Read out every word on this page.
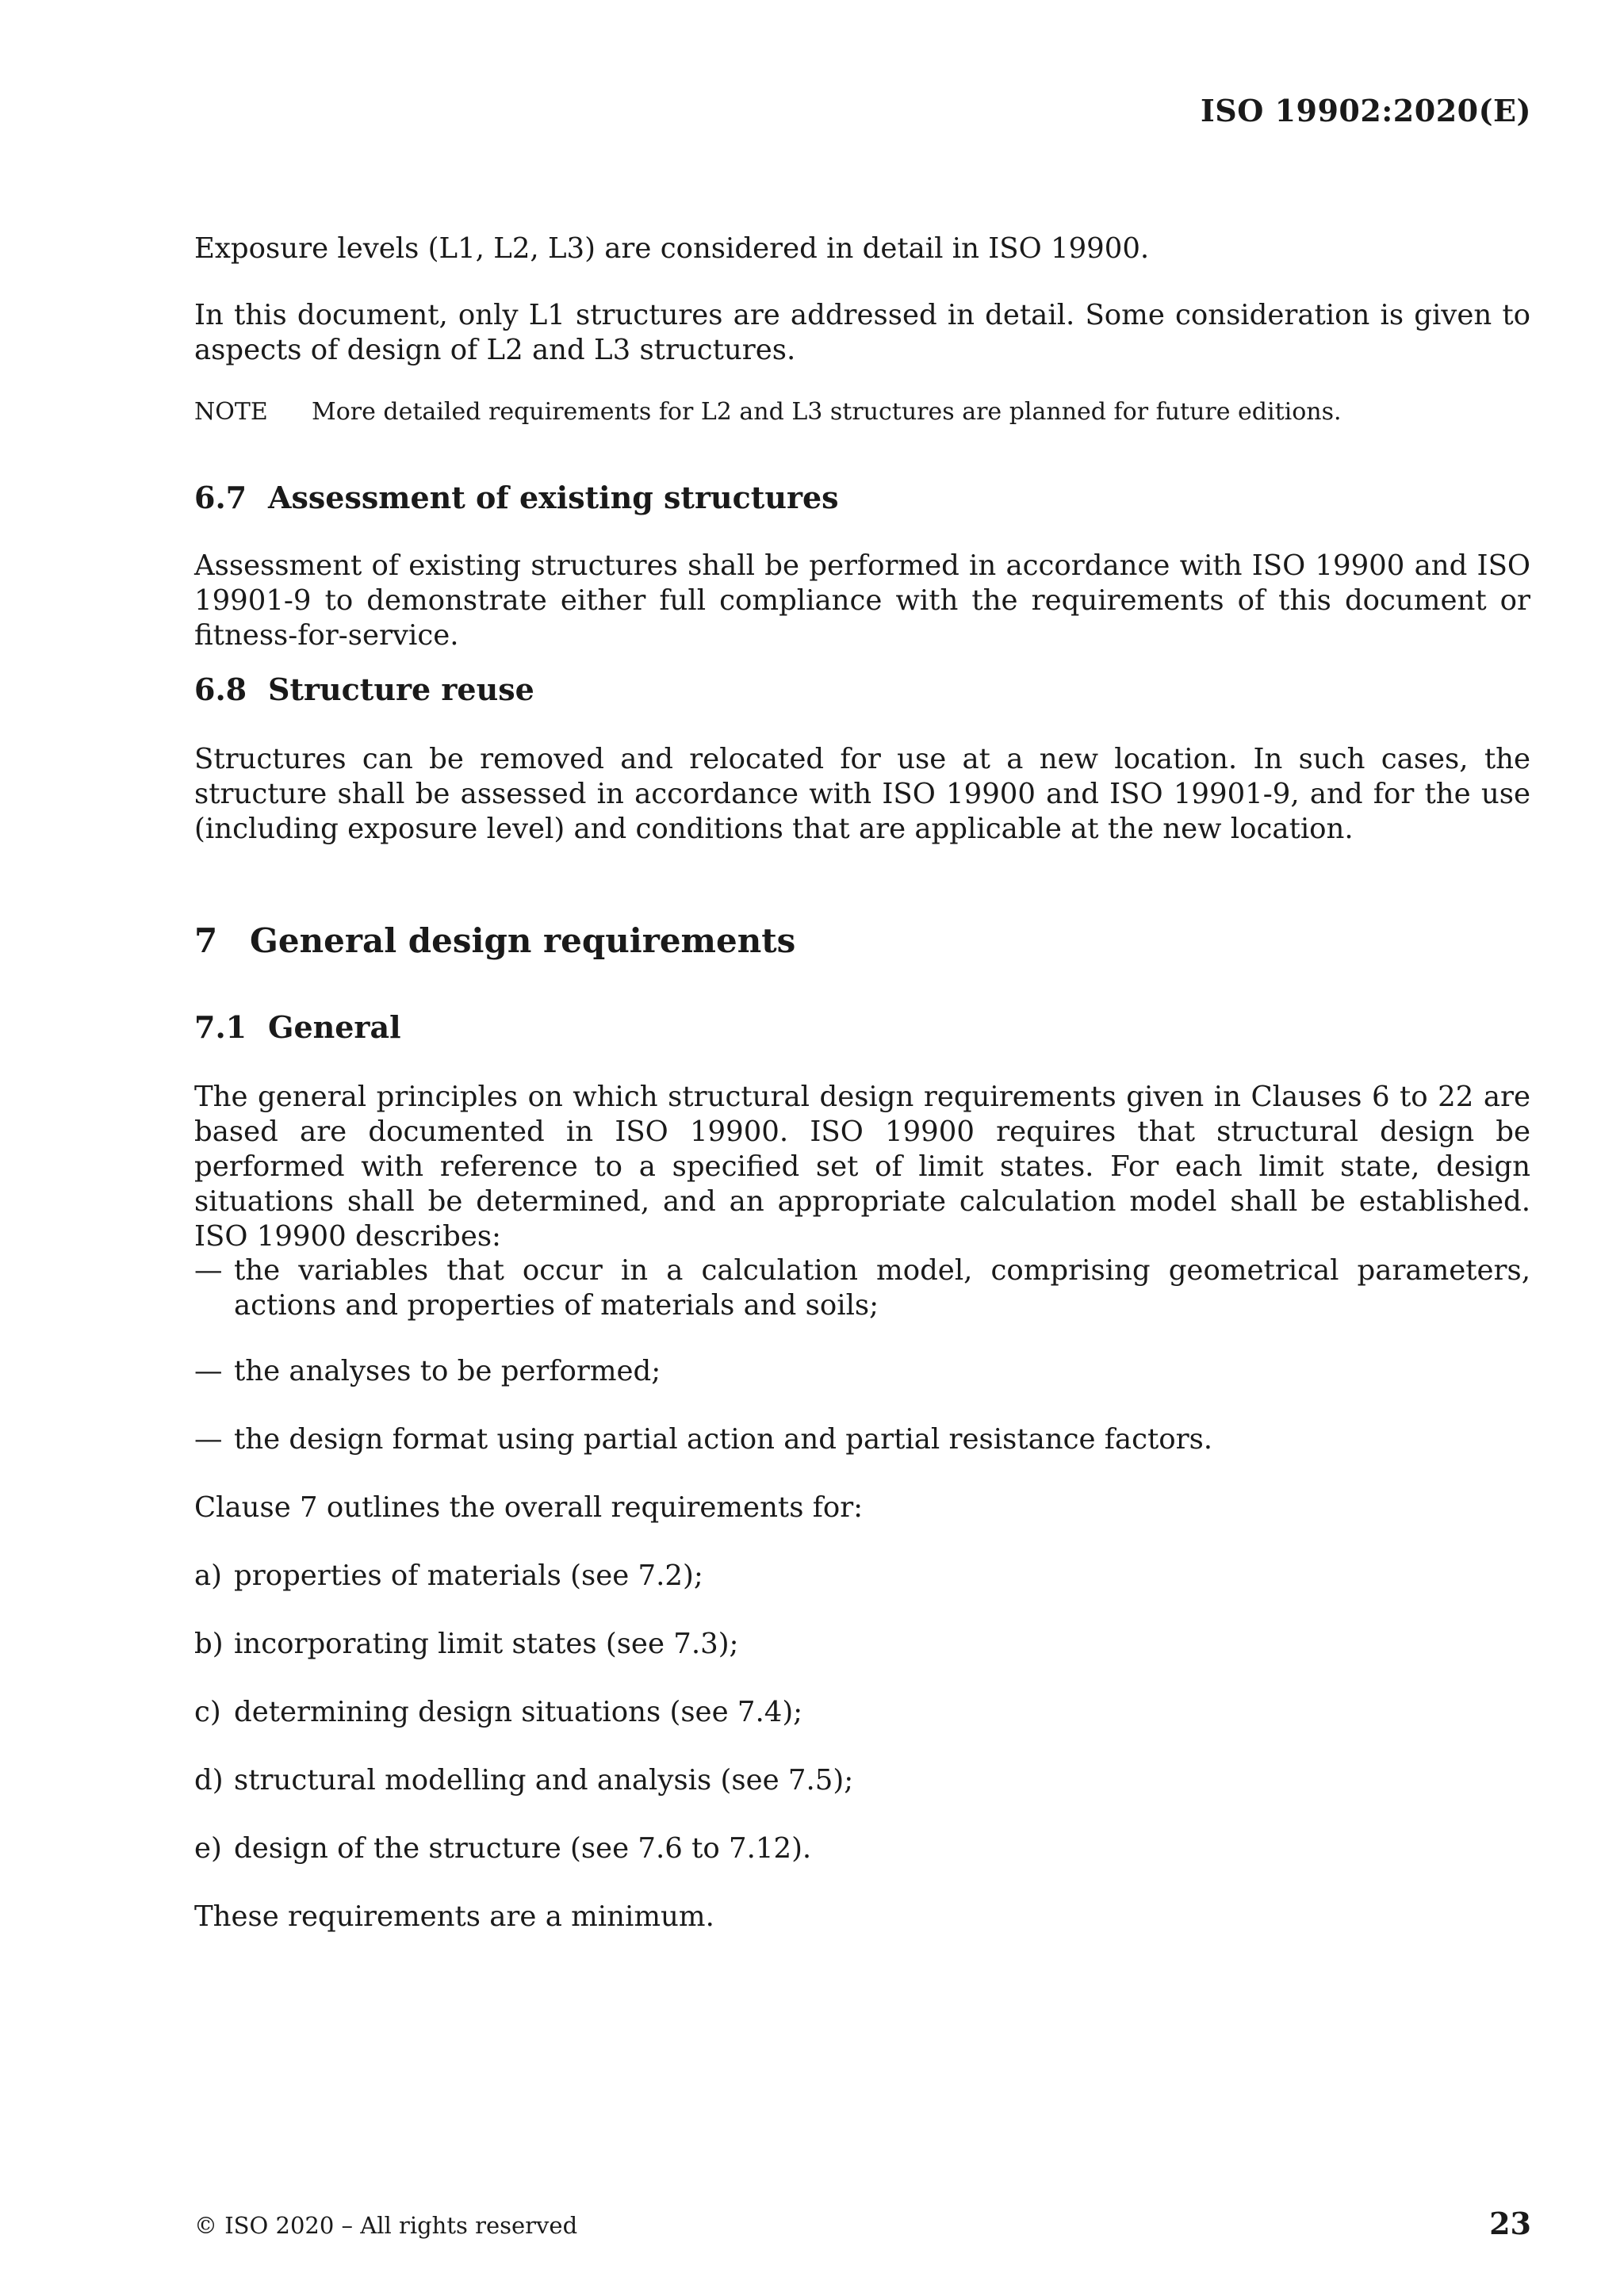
ISO 19902:2020(E)

Exposure levels (L1, L2, L3) are considered in detail in ISO 19900.

In this document, only L1 structures are addressed in detail. Some consideration is given to aspects of design of L2 and L3 structures.

NOTE More detailed requirements for L2 and L3 structures are planned for future editions.
6.7 Assessment of existing structures

Assessment of existing structures shall be performed in accordance with ISO 19900 and ISO 19901-9 to demonstrate either full compliance with the requirements of this document or fitness-for-service.

6.8 Structure reuse

Structures can be removed and relocated for use at a new location. In such cases, the structure shall be assessed in accordance with ISO 19900 and ISO 19901-9, and for the use (including exposure level) and conditions that are applicable at the new location.

7 General design requirements
7.1 General

The general principles on which structural design requirements given in Clauses 6 to 22 are based are documented in ISO 19900. ISO 19900 requires that structural design be performed with reference to a specified set of limit states. For each limit state, design situations shall be determined, and an appropriate calculation model shall be established. ISO 19900 describes:

— the variables that occur in a calculation model, comprising geometrical parameters, actions and properties of materials and soils;
— the analyses to be performed;
— the design format using partial action and partial resistance factors.

Clause 7 outlines the overall requirements for:

a) properties of materials (see 7.2);
b) incorporating limit states (see 7.3);
c) determining design situations (see 7.4);
d) structural modelling and analysis (see 7.5);
e) design of the structure (see 7.6 to 7.12).

These requirements are a minimum.

© ISO 2020 – All rights reserved	23
